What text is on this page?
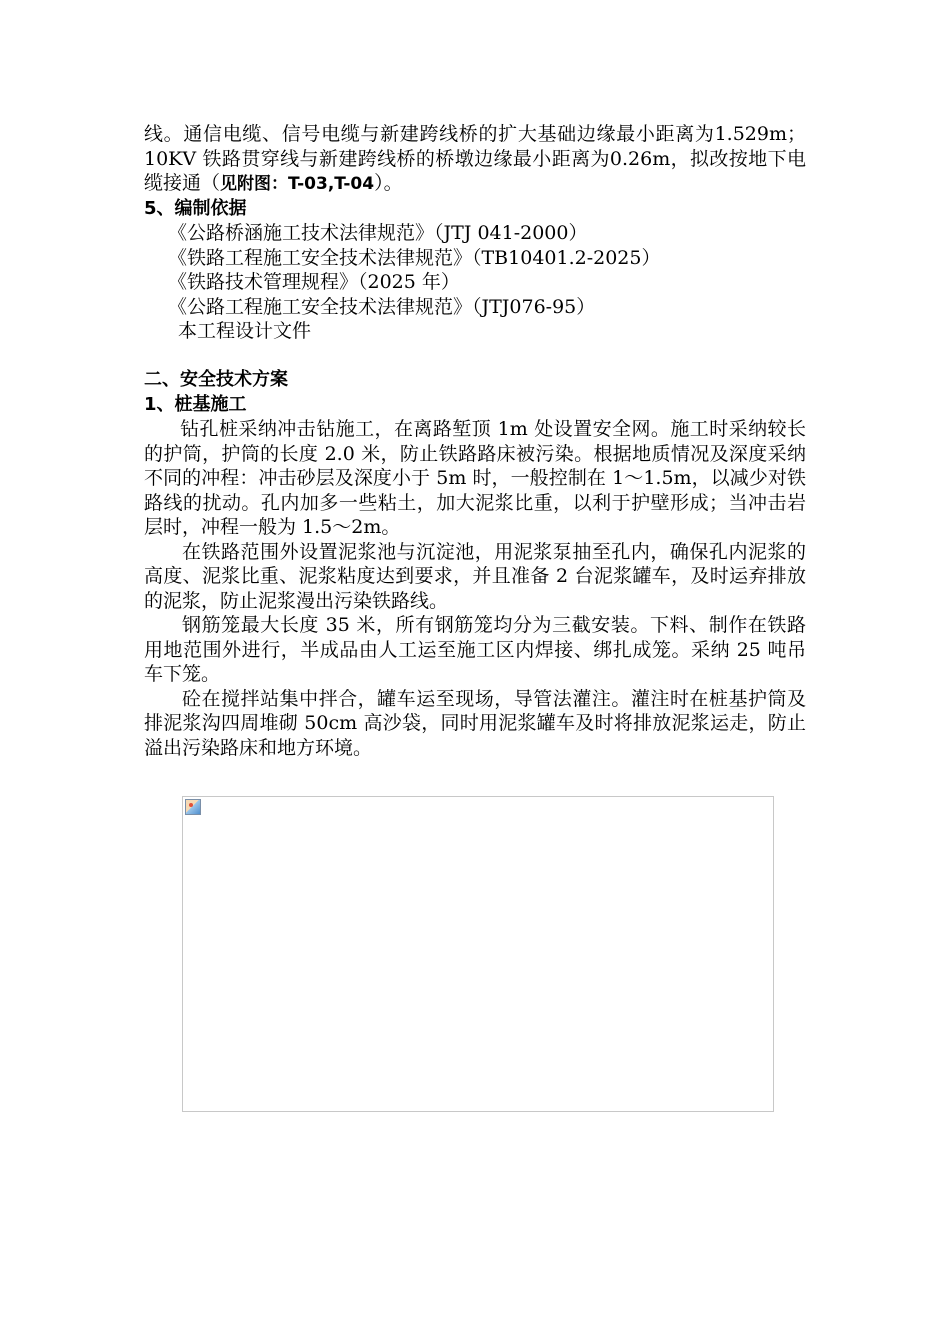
线。通信电缆、信号电缆与新建跨线桥的扩大基础边缘最小距离为1.529m；10KV 铁路贯穿线与新建跨线桥的桥墩边缘最小距离为0.26m，拟改按地下电缆接通（见附图：T-03,T-04）。

5、编制依据
《公路桥涵施工技术法律规范》（JTJ 041-2000）
《铁路工程施工安全技术法律规范》（TB10401.2-2025）
《铁路技术管理规程》（2025 年）
《公路工程施工安全技术法律规范》（JTJ076-95）
本工程设计文件
二、安全技术方案
1、桩基施工

钻孔桩采纳冲击钻施工，在离路堑顶 1m 处设置安全网。施工时采纳较长的护筒，护筒的长度 2.0 米，防止铁路路床被污染。根据地质情况及深度采纳不同的冲程：冲击砂层及深度小于 5m 时，一般控制在 1～1.5m，以减少对铁路线的扰动。孔内加多一些粘土，加大泥浆比重，以利于护壁形成；当冲击岩层时，冲程一般为 1.5～2m。

在铁路范围外设置泥浆池与沉淀池，用泥浆泵抽至孔内，确保孔内泥浆的高度、泥浆比重、泥浆粘度达到要求，并且准备 2 台泥浆罐车，及时运弃排放的泥浆，防止泥浆漫出污染铁路线。

钢筋笼最大长度 35 米，所有钢筋笼均分为三截安装。下料、制作在铁路用地范围外进行，半成品由人工运至施工区内焊接、绑扎成笼。采纳 25 吨吊车下笼。

砼在搅拌站集中拌合，罐车运至现场，导管法灌注。灌注时在桩基护筒及排泥浆沟四周堆砌 50cm 高沙袋，同时用泥浆罐车及时将排放泥浆运走，防止溢出污染路床和地方环境。
